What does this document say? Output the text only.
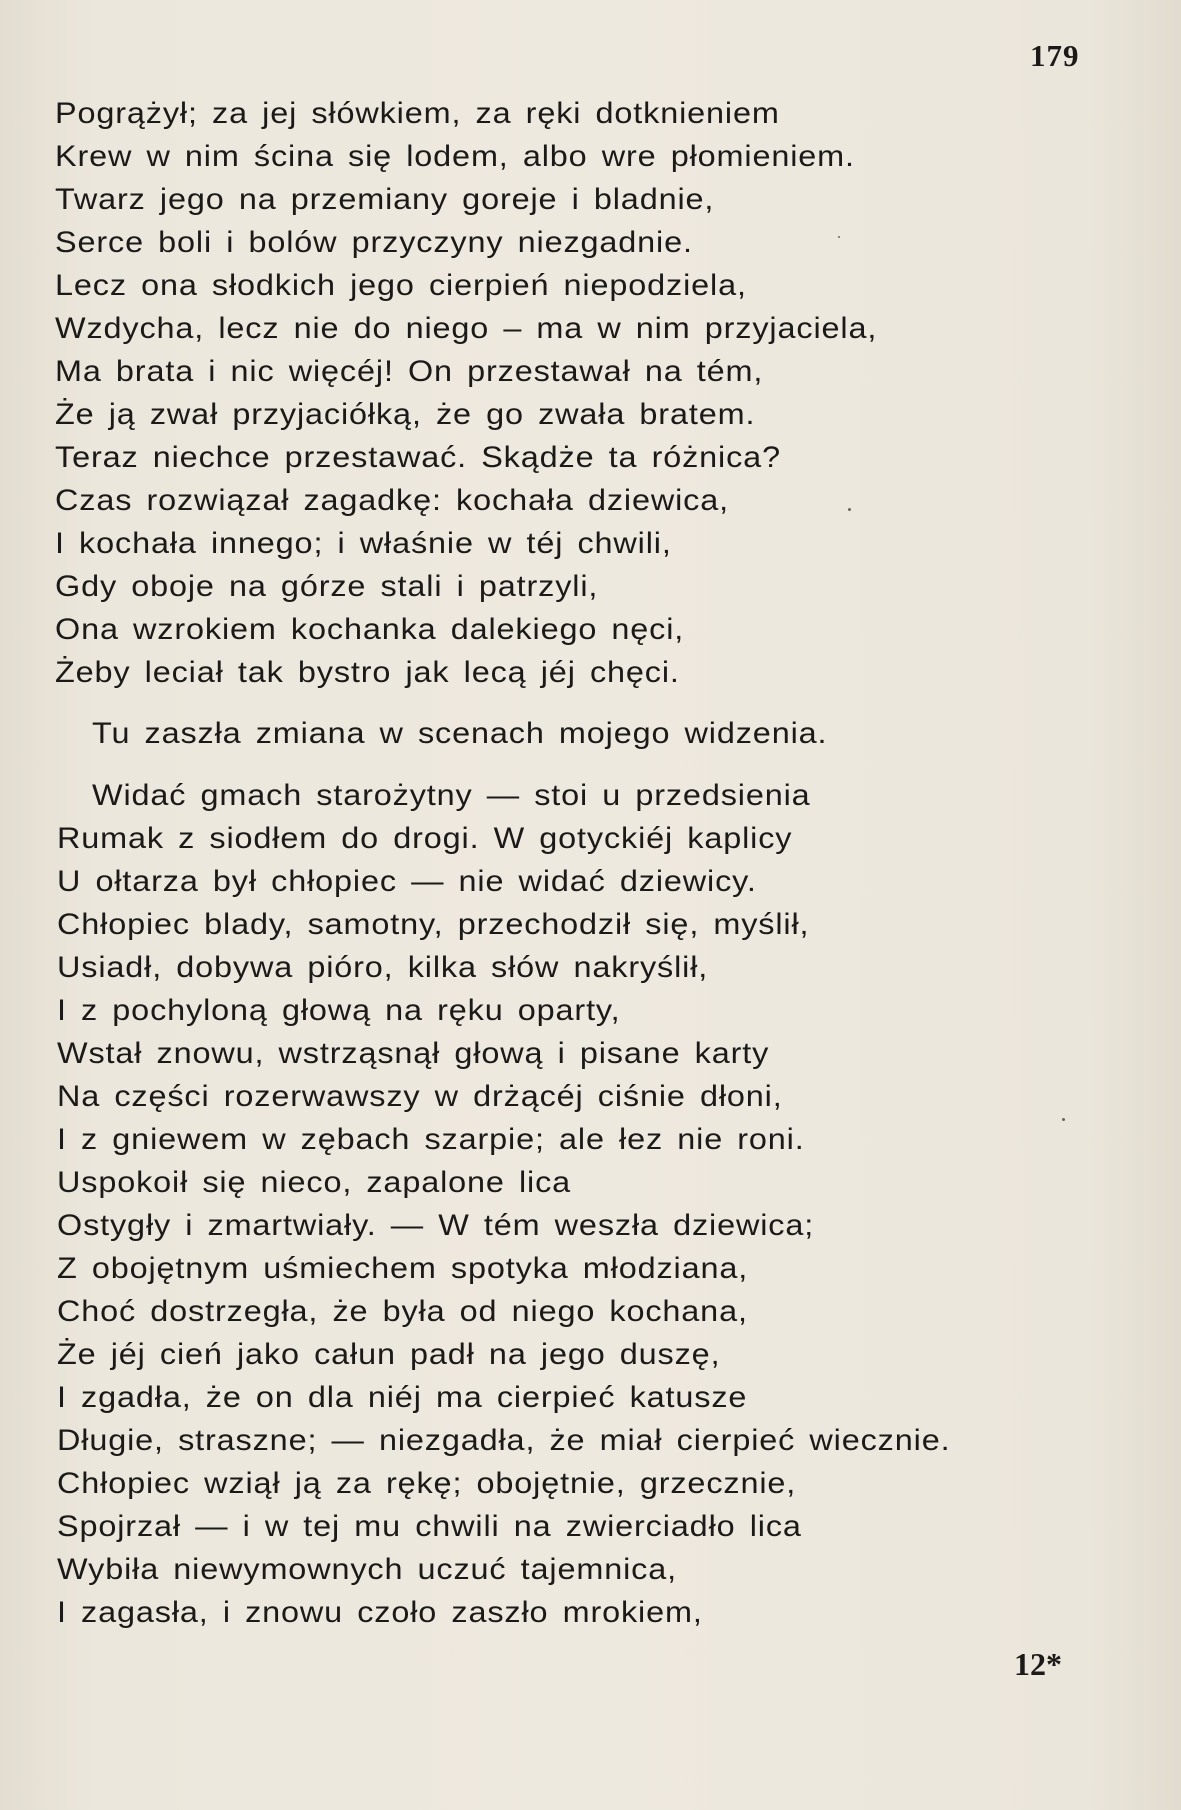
179
Pogrążył; za jej słówkiem, za ręki dotknieniem
Krew w nim ścina się lodem, albo wre płomieniem.
Twarz jego na przemiany goreje i bladnie,
Serce boli i bolów przyczyny niezgadnie.
Lecz ona słodkich jego cierpień niepodziela,
Wzdycha, lecz nie do niego – ma w nim przyjaciela,
Ma brata i nic więcéj! On przestawał na tém,
Że ją zwał przyjaciółką, że go zwała bratem.
Teraz niechce przestawać. Skądże ta różnica?
Czas rozwiązał zagadkę: kochała dziewica,
I kochała innego; i właśnie w téj chwili,
Gdy oboje na górze stali i patrzyli,
Ona wzrokiem kochanka dalekiego nęci,
Żeby leciał tak bystro jak lecą jéj chęci.
Tu zaszła zmiana w scenach mojego widzenia.
Widać gmach starożytny — stoi u przedsienia
Rumak z siodłem do drogi. W gotyckiéj kaplicy
U ołtarza był chłopiec — nie widać dziewicy.
Chłopiec blady, samotny, przechodził się, myślił,
Usiadł, dobywa pióro, kilka słów nakryślił,
I z pochyloną głową na ręku oparty,
Wstał znowu, wstrząsnął głową i pisane karty
Na części rozerwawszy w drżącéj ciśnie dłoni,
I z gniewem w zębach szarpie; ale łez nie roni.
Uspokoił się nieco, zapalone lica
Ostygły i zmartwiały. — W tém weszła dziewica;
Z obojętnym uśmiechem spotyka młodziana,
Choć dostrzegła, że była od niego kochana,
Że jéj cień jako całun padł na jego duszę,
I zgadła, że on dla niéj ma cierpieć katusze
Długie, straszne; — niezgadła, że miał cierpieć wiecznie.
Chłopiec wziął ją za rękę; obojętnie, grzecznie,
Spojrzał — i w tej mu chwili na zwierciadło lica
Wybiła niewymownych uczuć tajemnica,
I zagasła, i znowu czoło zaszło mrokiem,
12*
